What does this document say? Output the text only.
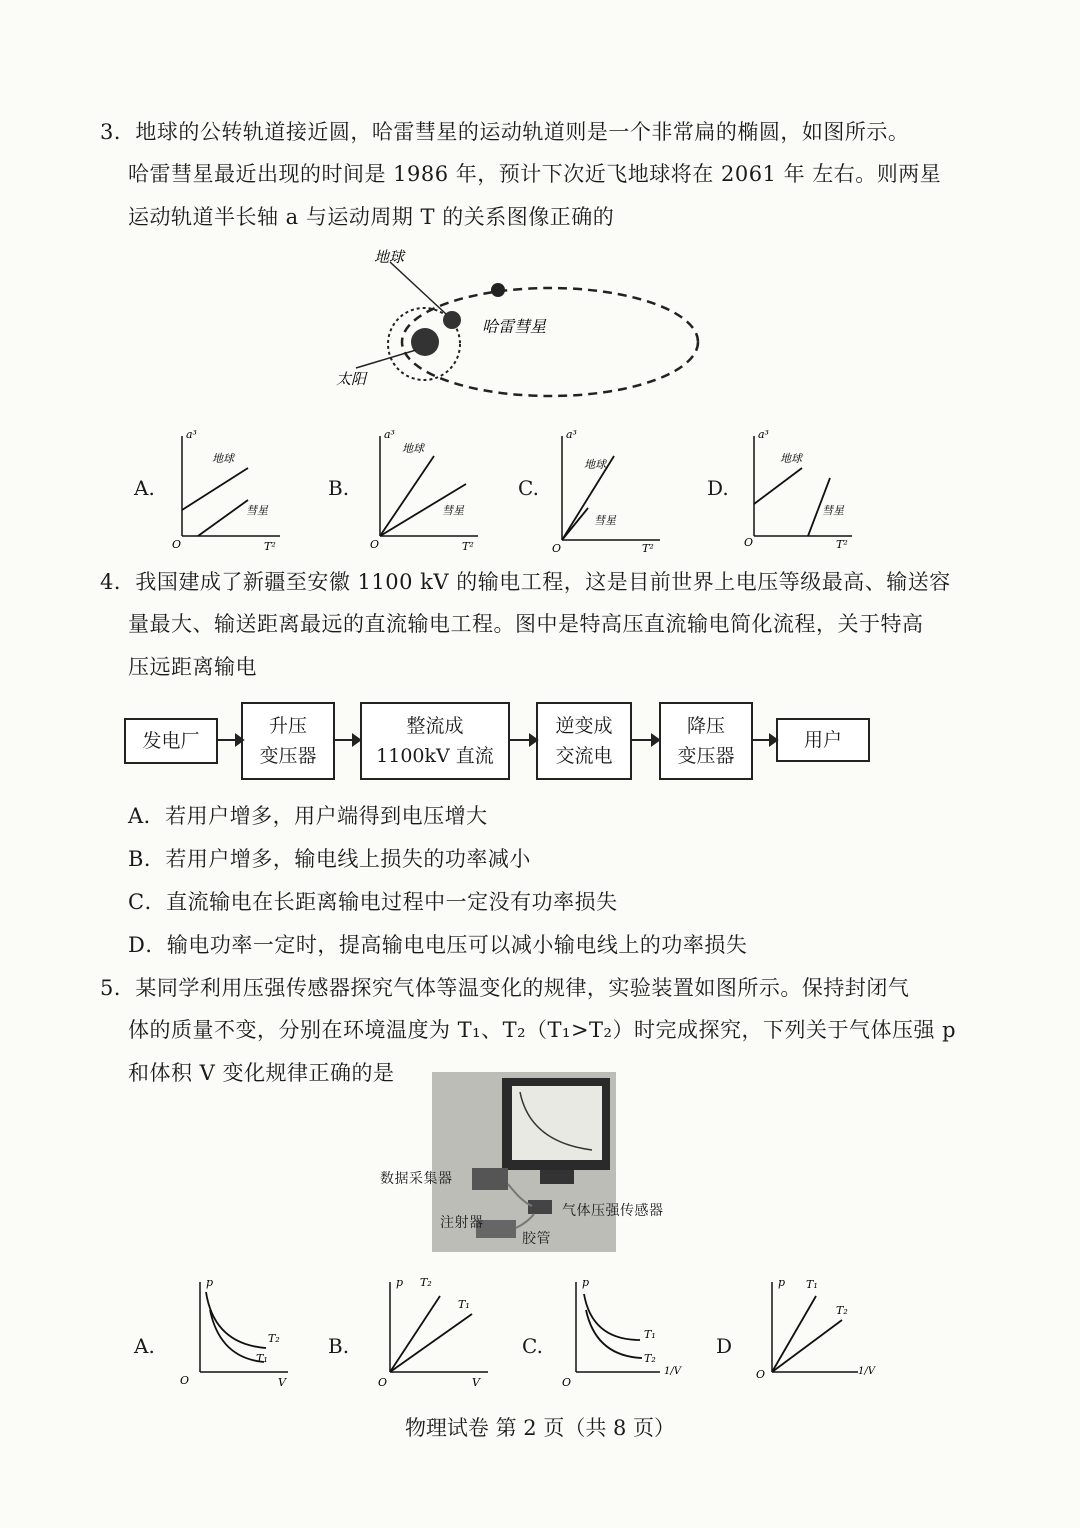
3．地球的公转轨道接近圆，哈雷彗星的运动轨道则是一个非常扁的椭圆，如图所示。
哈雷彗星最近出现的时间是 1986 年，预计下次近飞地球将在 2061 年 左右。则两星
运动轨道半长轴 a 与运动周期 T 的关系图像正确的
地球
哈雷彗星
太阳
A.
a³
T²
O
地球
彗星
B.
a³
T²
O
地球
彗星
C.
a³
T²
O
地球
彗星
D.
a³
T²
O
地球
彗星
4．我国建成了新疆至安徽 1100 kV 的输电工程，这是目前世界上电压等级最高、输送容
量最大、输送距离最远的直流输电工程。图中是特高压直流输电简化流程，关于特高
压远距离输电
发电厂
升压
变压器
整流成
1100kV 直流
逆变成
交流电
降压
变压器
用户
A．若用户增多，用户端得到电压增大
B．若用户增多，输电线上损失的功率减小
C．直流输电在长距离输电过程中一定没有功率损失
D．输电功率一定时，提高输电电压可以减小输电线上的功率损失
5．某同学利用压强传感器探究气体等温变化的规律，实验装置如图所示。保持封闭气
体的质量不变，分别在环境温度为 T₁、T₂（T₁>T₂）时完成探究，下列关于气体压强 p
和体积 V 变化规律正确的是
数据采集器
气体压强传感器
注射器
胶管
A.
p
V
O
T₂
T₁
B.
p
V
O
T₂
T₁
C.
p
1/V
O
T₁
T₂
D
p
1/V
O
T₁
T₂
物理试卷 第 2 页（共 8 页）
